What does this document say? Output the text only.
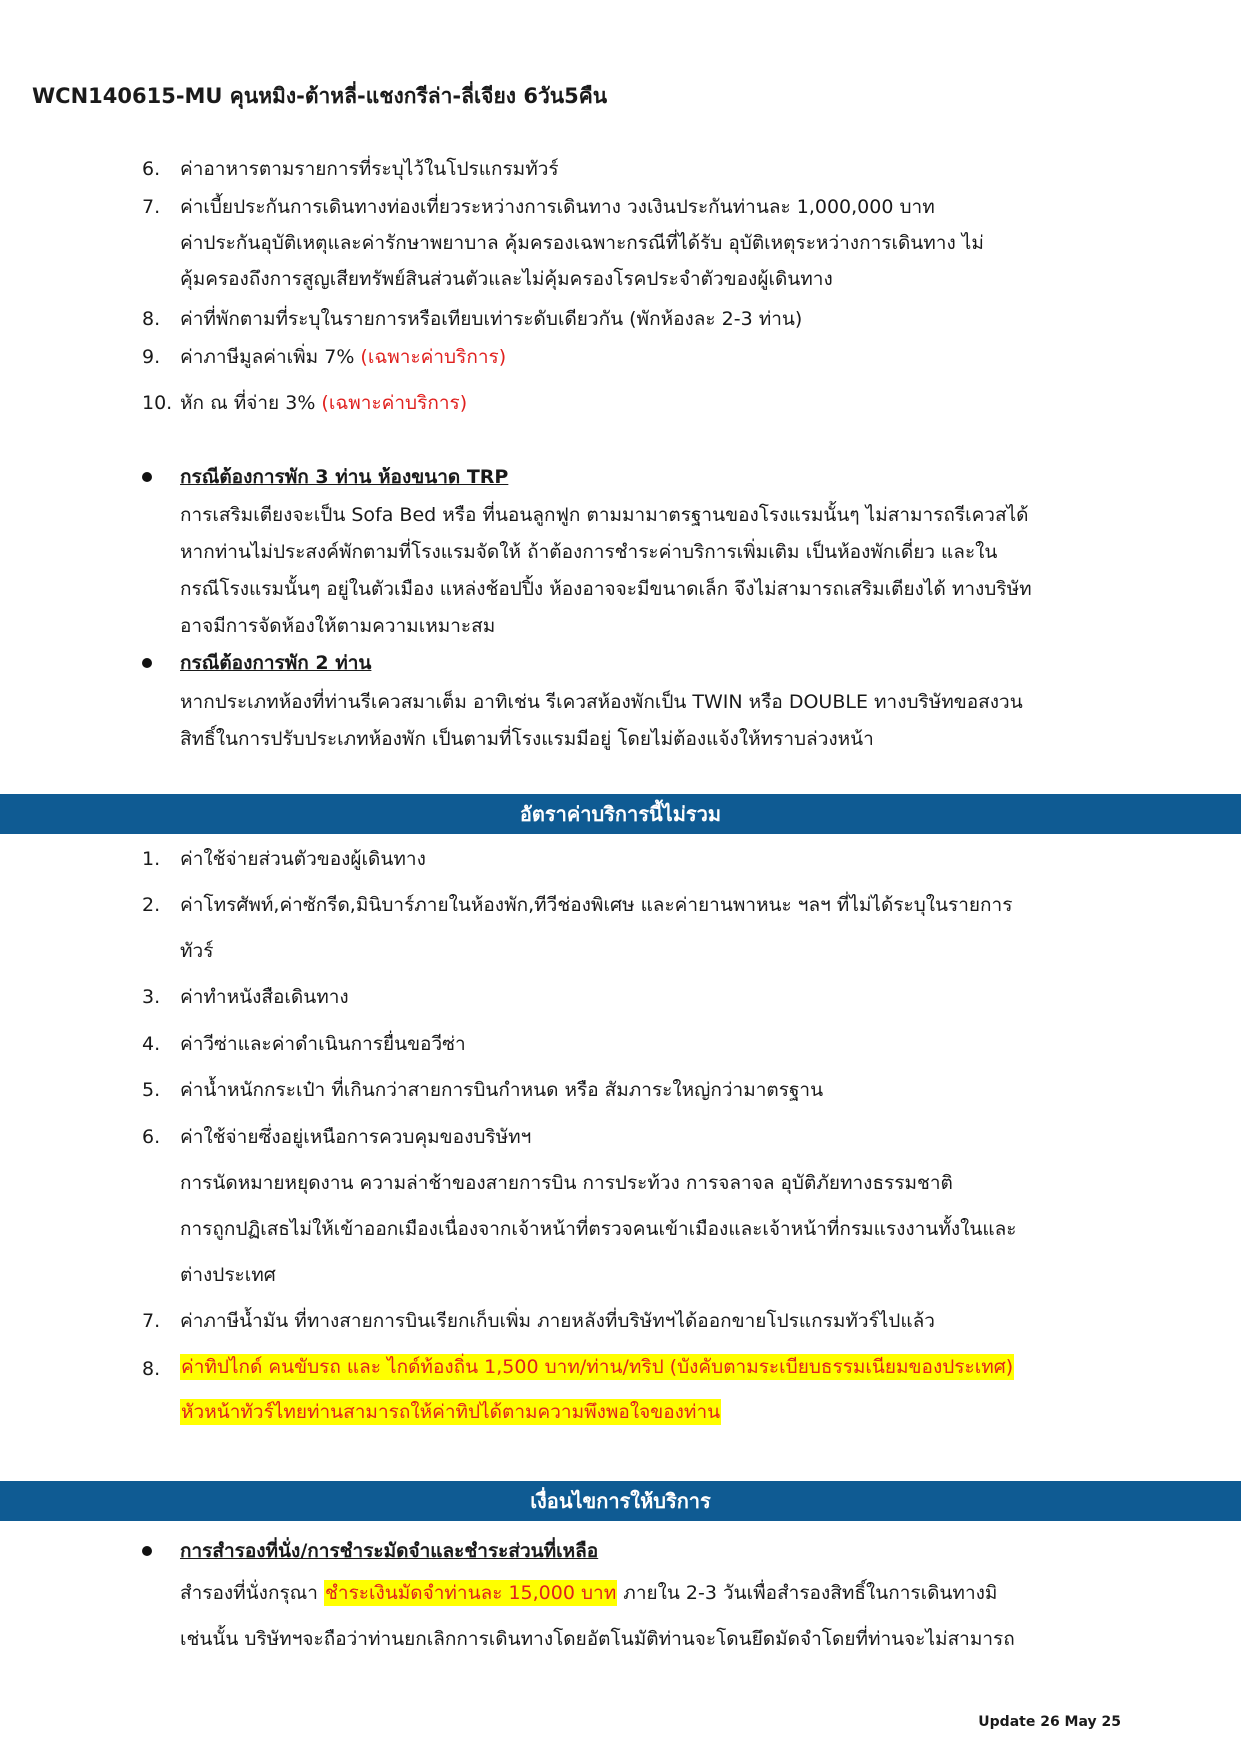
WCN140615-MU คุนหมิง-ต้าหลี่-แชงกรีล่า-ลี่เจียง 6วัน5คืน
6. ค่าอาหารตามรายการที่ระบุไว้ในโปรแกรมทัวร์
7. ค่าเบี้ยประกันการเดินทางท่องเที่ยวระหว่างการเดินทาง วงเงินประกันท่านละ 1,000,000 บาท
ค่าประกันอุบัติเหตุและค่ารักษาพยาบาล คุ้มครองเฉพาะกรณีที่ได้รับ อุบัติเหตุระหว่างการเดินทาง ไม่
คุ้มครองถึงการสูญเสียทรัพย์สินส่วนตัวและไม่คุ้มครองโรคประจำตัวของผู้เดินทาง
8. ค่าที่พักตามที่ระบุในรายการหรือเทียบเท่าระดับเดียวกัน (พักห้องละ 2-3 ท่าน)
9. ค่าภาษีมูลค่าเพิ่ม 7% (เฉพาะค่าบริการ)
10. หัก ณ ที่จ่าย 3% (เฉพาะค่าบริการ)
กรณีต้องการพัก 3 ท่าน ห้องขนาด TRP
การเสริมเตียงจะเป็น Sofa Bed หรือ ที่นอนลูกฟูก ตามมามาตรฐานของโรงแรมนั้นๆ ไม่สามารถรีเควสได้
หากท่านไม่ประสงค์พักตามที่โรงแรมจัดให้ ถ้าต้องการชำระค่าบริการเพิ่มเติม เป็นห้องพักเดี่ยว และใน
กรณีโรงแรมนั้นๆ อยู่ในตัวเมือง แหล่งช้อปปิ้ง ห้องอาจจะมีขนาดเล็ก จึงไม่สามารถเสริมเตียงได้ ทางบริษัท
อาจมีการจัดห้องให้ตามความเหมาะสม
กรณีต้องการพัก 2 ท่าน
หากประเภทห้องที่ท่านรีเควสมาเต็ม อาทิเช่น รีเควสห้องพักเป็น TWIN หรือ DOUBLE ทางบริษัทขอสงวน
สิทธิ์ในการปรับประเภทห้องพัก เป็นตามที่โรงแรมมีอยู่ โดยไม่ต้องแจ้งให้ทราบล่วงหน้า
อัตราค่าบริการนี้ไม่รวม
1. ค่าใช้จ่ายส่วนตัวของผู้เดินทาง
2. ค่าโทรศัพท์,ค่าซักรีด,มินิบาร์ภายในห้องพัก,ทีวีช่องพิเศษ และค่ายานพาหนะ ฯลฯ ที่ไม่ได้ระบุในรายการ
ทัวร์
3. ค่าทำหนังสือเดินทาง
4. ค่าวีซ่าและค่าดำเนินการยื่นขอวีซ่า
5. ค่าน้ำหนักกระเป๋า ที่เกินกว่าสายการบินกำหนด หรือ สัมภาระใหญ่กว่ามาตรฐาน
6. ค่าใช้จ่ายซึ่งอยู่เหนือการควบคุมของบริษัทฯ
การนัดหมายหยุดงาน ความล่าช้าของสายการบิน การประท้วง การจลาจล อุบัติภัยทางธรรมชาติ
การถูกปฏิเสธไม่ให้เข้าออกเมืองเนื่องจากเจ้าหน้าที่ตรวจคนเข้าเมืองและเจ้าหน้าที่กรมแรงงานทั้งในและ
ต่างประเทศ
7. ค่าภาษีน้ำมัน ที่ทางสายการบินเรียกเก็บเพิ่ม ภายหลังที่บริษัทฯได้ออกขายโปรแกรมทัวร์ไปแล้ว
8. ค่าทิปไกด์ คนขับรถ และ ไกด์ท้องถิ่น 1,500 บาท/ท่าน/ทริป (บังคับตามระเบียบธรรมเนียมของประเทศ)
หัวหน้าทัวร์ไทยท่านสามารถให้ค่าทิปได้ตามความพึงพอใจของท่าน
เงื่อนไขการให้บริการ
การสำรองที่นั่ง/การชำระมัดจำและชำระส่วนที่เหลือ
สำรองที่นั่งกรุณา ชำระเงินมัดจำท่านละ 15,000 บาท ภายใน 2-3 วันเพื่อสำรองสิทธิ์ในการเดินทางมิ
เช่นนั้น บริษัทฯจะถือว่าท่านยกเลิกการเดินทางโดยอัตโนมัติท่านจะโดนยึดมัดจำโดยที่ท่านจะไม่สามารถ
Update 26 May 25
